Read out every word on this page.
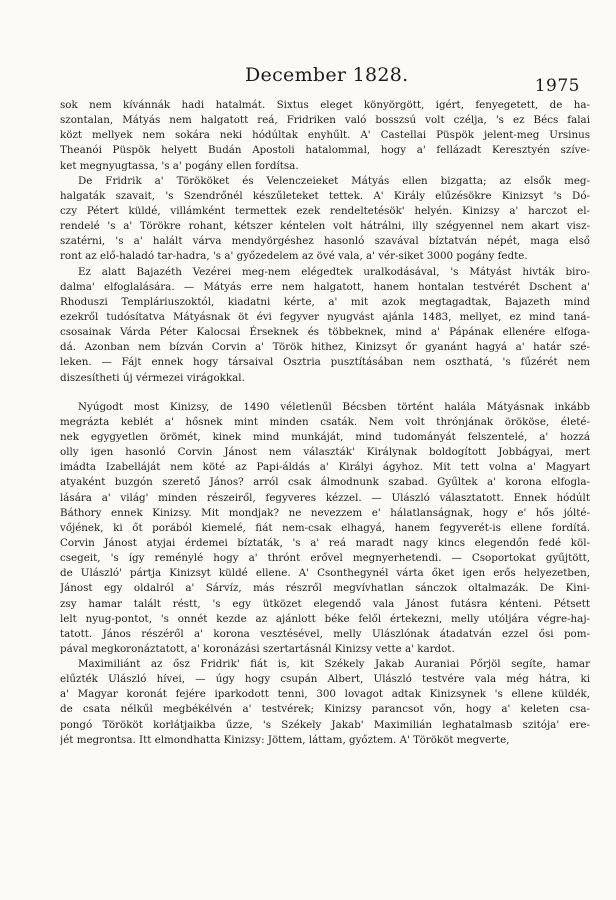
December 1828.	1975
sok nem kívánnák hadi hatalmát. Sixtus eleget könyörgött, igért, fenyegetett, de ha-
szontalan, Mátyás nem halgatott reá, Fridriken való bosszsú volt czélja, 's ez Bécs falai
közt mellyek nem sokára neki hódúltak enyhűlt. A' Castellai Püspök jelent-meg Ursinus
Theanói Püspök helyett Budán Apostoli hatalommal, hogy a' fellázadt Keresztyén szíve-
ket megnyugtassa, 's a' pogány ellen fordítsa.
De Fridrik a' Törököket és Velenczeieket Mátyás ellen bizgatta; az elsők meg-
halgaták szavait, 's Szendrőnél készűleteket tettek. A' Király elűzésökre Kinizsyt 's Dó-
czy Pétert küldé, villámként termettek ezek rendeltetésök' helyén. Kinizsy a' harczot el-
rendelé 's a' Törökre rohant, kétszer kéntelen volt hátrálni, illy szégyennel nem akart visz-
szatérni, 's a' halált várva mendyörgéshez hasonló szavával bíztatván népét, maga első
ront az elő-haladó tar-hadra, 's a' győzedelem az övé vala, a' vér-siket 3000 pogány fedte.
Ez alatt Bajazéth Vezérei meg-nem elégedtek uralkodásával, 's Mátyást hivták biro-
dalma' elfoglalására. — Mátyás erre nem halgatott, hanem hontalan testvérét Dschent a'
Rhoduszi Templáriuszoktól, kiadatni kérte, a' mit azok megtagadtak, Bajazeth mind
ezekről tudósítatva Mátyásnak öt évi fegyver nyugvást ajánla 1483, mellyet, ez mind taná-
csosainak Várda Péter Kalocsai Érseknek és többeknek, mind a' Pápának ellenére elfoga-
dá. Azonban nem bízván Corvin a' Török hithez, Kinizsyt őr gyanánt hagyá a' határ szé-
leken. — Fájt ennek hogy társaival Osztria pusztításában nem oszthatá, 's fűzérét nem
diszesítheti új vérmezei virágokkal.
Nyúgodt most Kinizsy, de 1490 véletlenűl Bécsben történt halála Mátyásnak inkább
megrázta keblét a' hősnek mint minden csaták. Nem volt thrónjának örököse, életé-
nek egygyetlen örömét, kinek mind munkáját, mind tudományát felszentelé, a' hozzá
olly igen hasonló Corvin Jánost nem választák' Királynak boldogított Jobbágyai, mert
imádta Izabelláját nem köté az Papi-áldás a' Királyi ágyhoz. Mit tett volna a' Magyart
atyaként buzgón szerető János? arról csak álmodnunk szabad. Gyűltek a' korona elfogla-
lására a' világ' minden részeiről, fegyveres kézzel. — Ulászló választatott. Ennek hódúlt
Báthory ennek Kinizsy. Mit mondjak? ne nevezzem e' hálatlanságnak, hogy e' hős jólté-
vőjének, ki őt porából kiemelé, fiát nem-csak elhagyá, hanem fegyverét-is ellene fordítá.
Corvin Jánost atyjai érdemei bíztaták, 's a' reá maradt nagy kincs elegendőn fedé köl-
csegeit, 's így reménylé hogy a' thrónt erővel megnyerhetendi. — Csoportokat gyűjtött,
de Ulászló' pártja Kinizsyt küldé ellene. A' Csonthegynél várta őket igen erős helyezetben,
Jánost egy oldalról a' Sárvíz, más részről megvívhatlan sánczok oltalmazák. De Kini-
zsy hamar talált réstt, 's egy ütközet elegendő vala Jánost futásra kénteni. Pétsett
lelt nyug-pontot, 's onnét kezde az ajánlott béke felől értekezni, melly utóljára végre-haj-
tatott. János részéről a' korona vesztésével, melly Ulászlónak átadatván ezzel ősi pom-
pával megkoronáztatott, a' koronázási szertartásnál Kinizsy vette a' kardot.
Maximiliánt az ősz Fridrik' fiát is, kit Székely Jakab Auraniai Pőrjöl segíte, hamar
elűzték Ulászló hívei, — úgy hogy csupán Albert, Ulászló testvére vala még hátra, ki
a' Magyar koronát fejére iparkodott tenni, 300 lovagot adtak Kinizsynek 's ellene küldék,
de csata nélkűl megbékélvén a' testvérek; Kinizsy parancsot vőn, hogy a' keleten csa-
pongó Törököt korlátjaikba űzze, 's Székely Jakab' Maximilián leghatalmasb szitója' ere-
jét megrontsa. Itt elmondhatta Kinizsy: Jöttem, láttam, győztem. A' Törököt megverte,
